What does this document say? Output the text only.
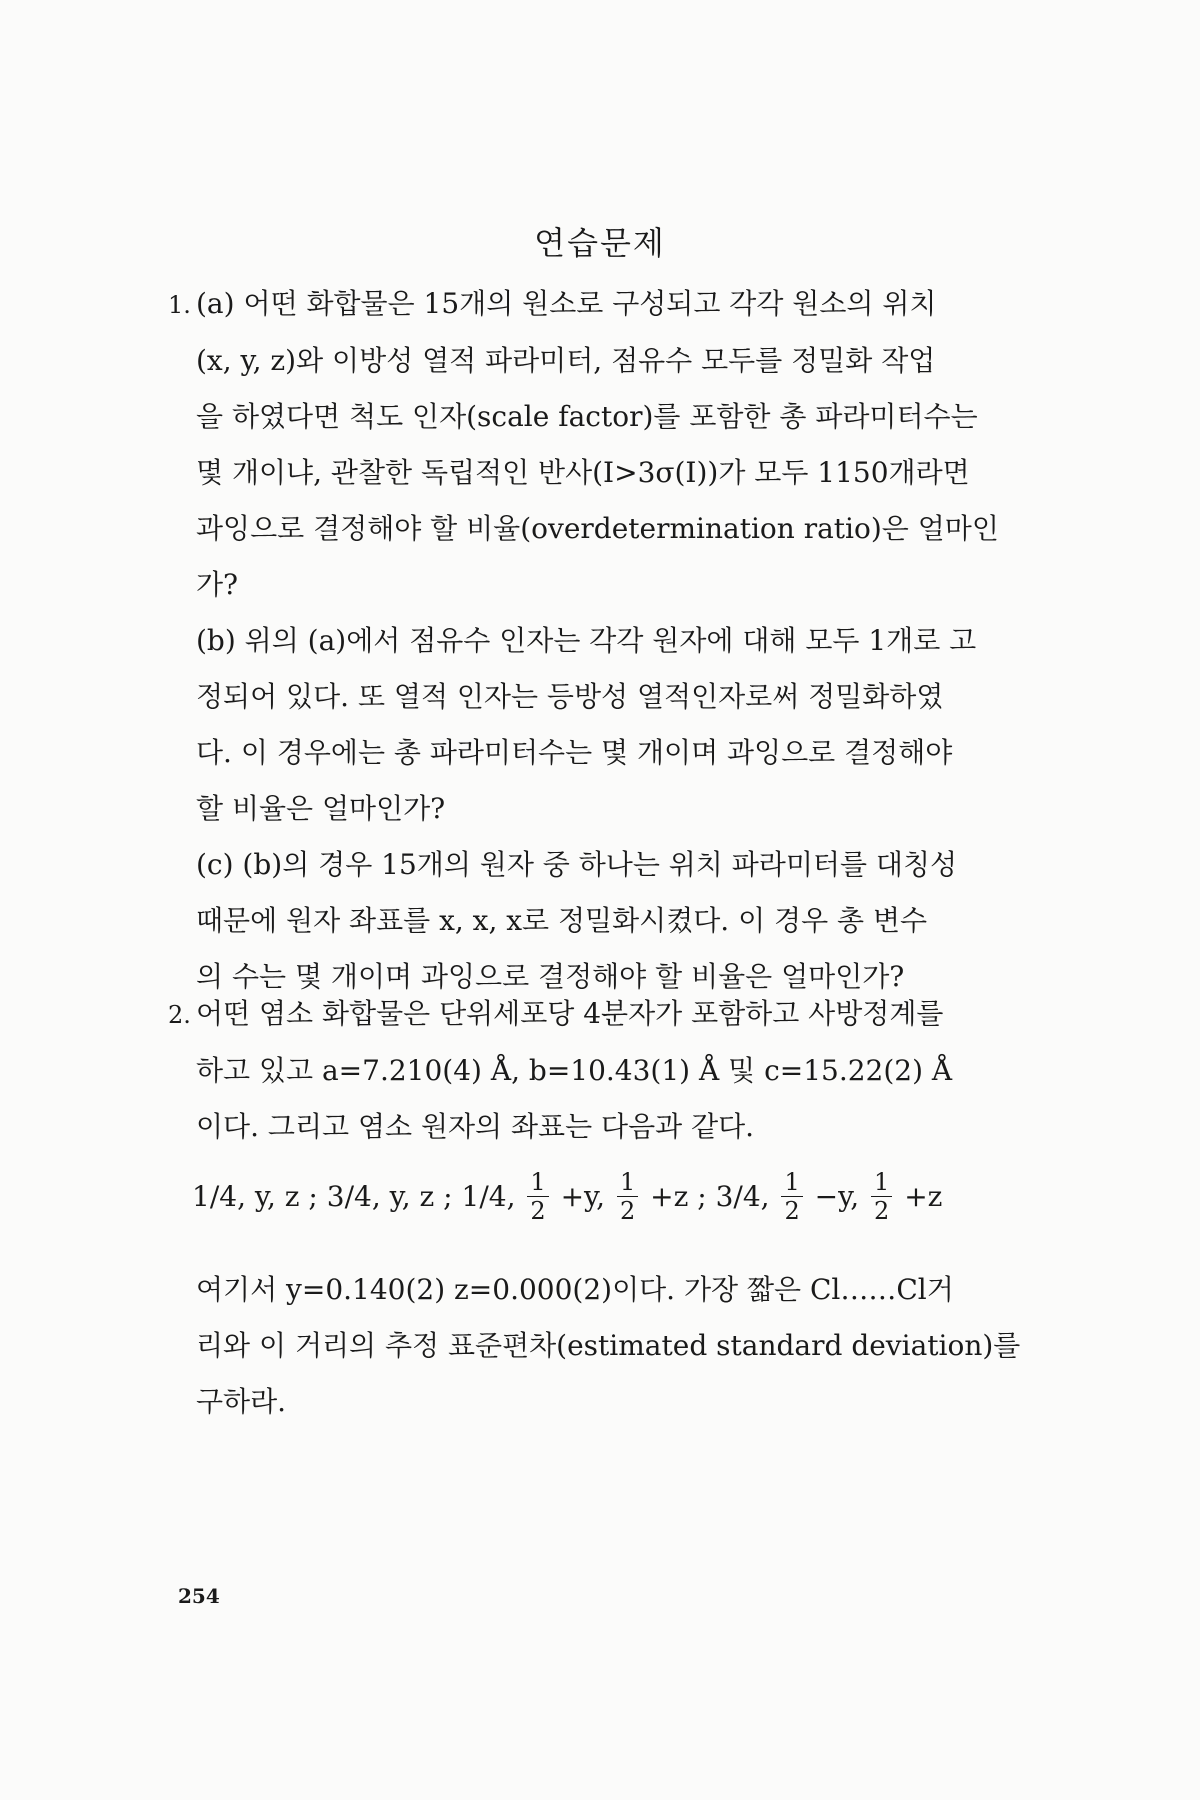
연습문제
1. (a) 어떤 화합물은 15개의 원소로 구성되고 각각 원소의 위치
(x, y, z)와 이방성 열적 파라미터, 점유수 모두를 정밀화 작업
을 하였다면 척도 인자(scale factor)를 포함한 총 파라미터수는
몇 개이냐, 관찰한 독립적인 반사(I>3σ(I))가 모두 1150개라면
과잉으로 결정해야 할 비율(overdetermination ratio)은 얼마인
가?
(b) 위의 (a)에서 점유수 인자는 각각 원자에 대해 모두 1개로 고
정되어 있다. 또 열적 인자는 등방성 열적인자로써 정밀화하였
다. 이 경우에는 총 파라미터수는 몇 개이며 과잉으로 결정해야
할 비율은 얼마인가?
(c) (b)의 경우 15개의 원자 중 하나는 위치 파라미터를 대칭성
때문에 원자 좌표를 x, x, x로 정밀화시켰다. 이 경우 총 변수
의 수는 몇 개이며 과잉으로 결정해야 할 비율은 얼마인가?
2. 어떤 염소 화합물은 단위세포당 4분자가 포함하고 사방정계를
하고 있고 a=7.210(4) Å, b=10.43(1) Å 및 c=15.22(2) Å
이다. 그리고 염소 원자의 좌표는 다음과 같다.
1/4, y, z ; 3/4, y, z ; 1/4, $\frac{1}{2} +y$, $\frac{1}{2} +z$ ; 3/4, $\frac{1}{2} -y$, $\frac{1}{2} +z$
여기서 y=0.140(2) z=0.000(2)이다. 가장 짧은 Cl……Cl거
리와 이 거리의 추정 표준편차(estimated standard deviation)를
구하라.
254
